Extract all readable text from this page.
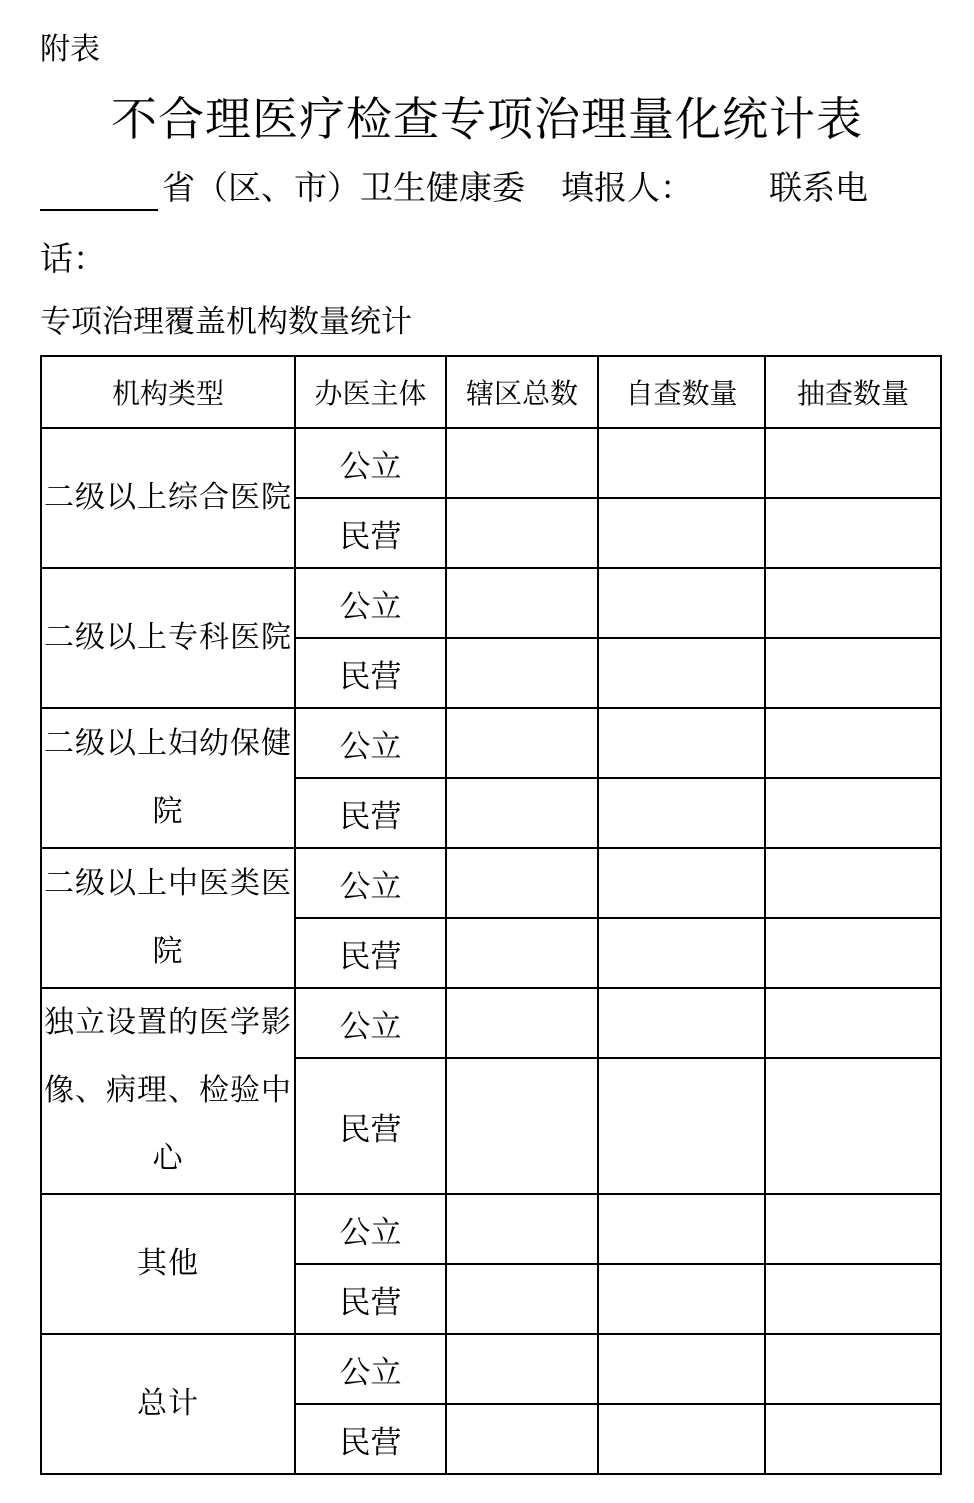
附表
不合理医疗检查专项治理量化统计表
省（区、市）卫生健康委 填报人： 联系电
话：
专项治理覆盖机构数量统计
机构类型	办医主体	辖区总数	自查数量	抽查数量

二级以上综合医院	公立			
	民营			

二级以上专科医院	公立			
	民营			

二级以上妇幼保健院	公立			
	民营			

二级以上中医类医院	公立			
	民营			

独立设置的医学影像、病理、检验中心	公立			
	民营			

其他	公立			
	民营			

总计	公立			
	民营			
